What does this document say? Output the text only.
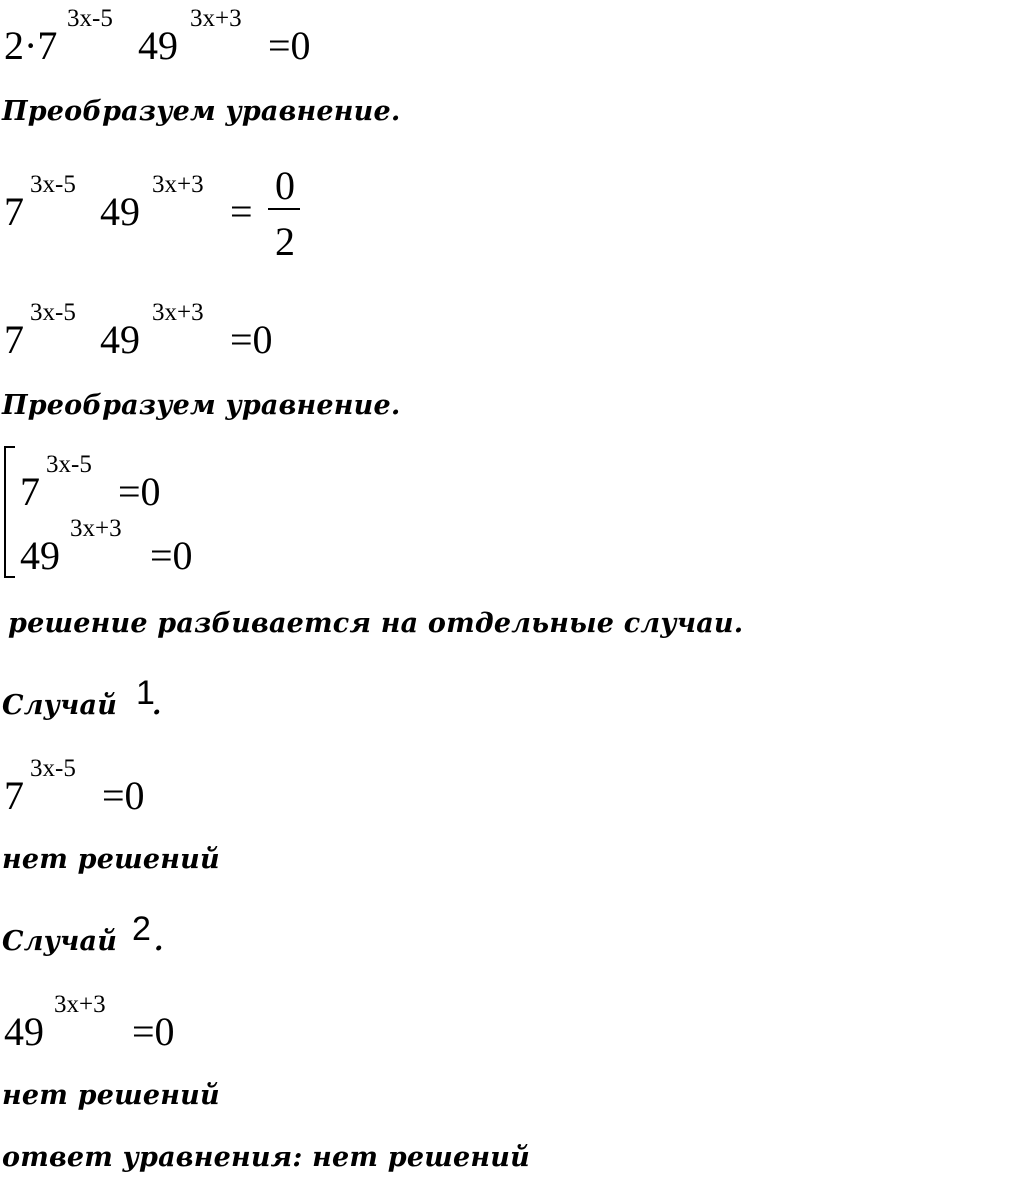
2·7
3x-5
49
3x+3
=0
Преобразуем уравнение.
7
3x-5
49
3x+3
=
0
2
7
3x-5
49
3x+3
=0
Преобразуем уравнение.
7
3x-5
=0
49
3x+3
=0
решение разбивается на отдельные случаи.
Случай 1
.
7
3x-5
=0
нет решений
Случай 2 .
49
3x+3
=0
нет решений
ответ уравнения: нет решений
